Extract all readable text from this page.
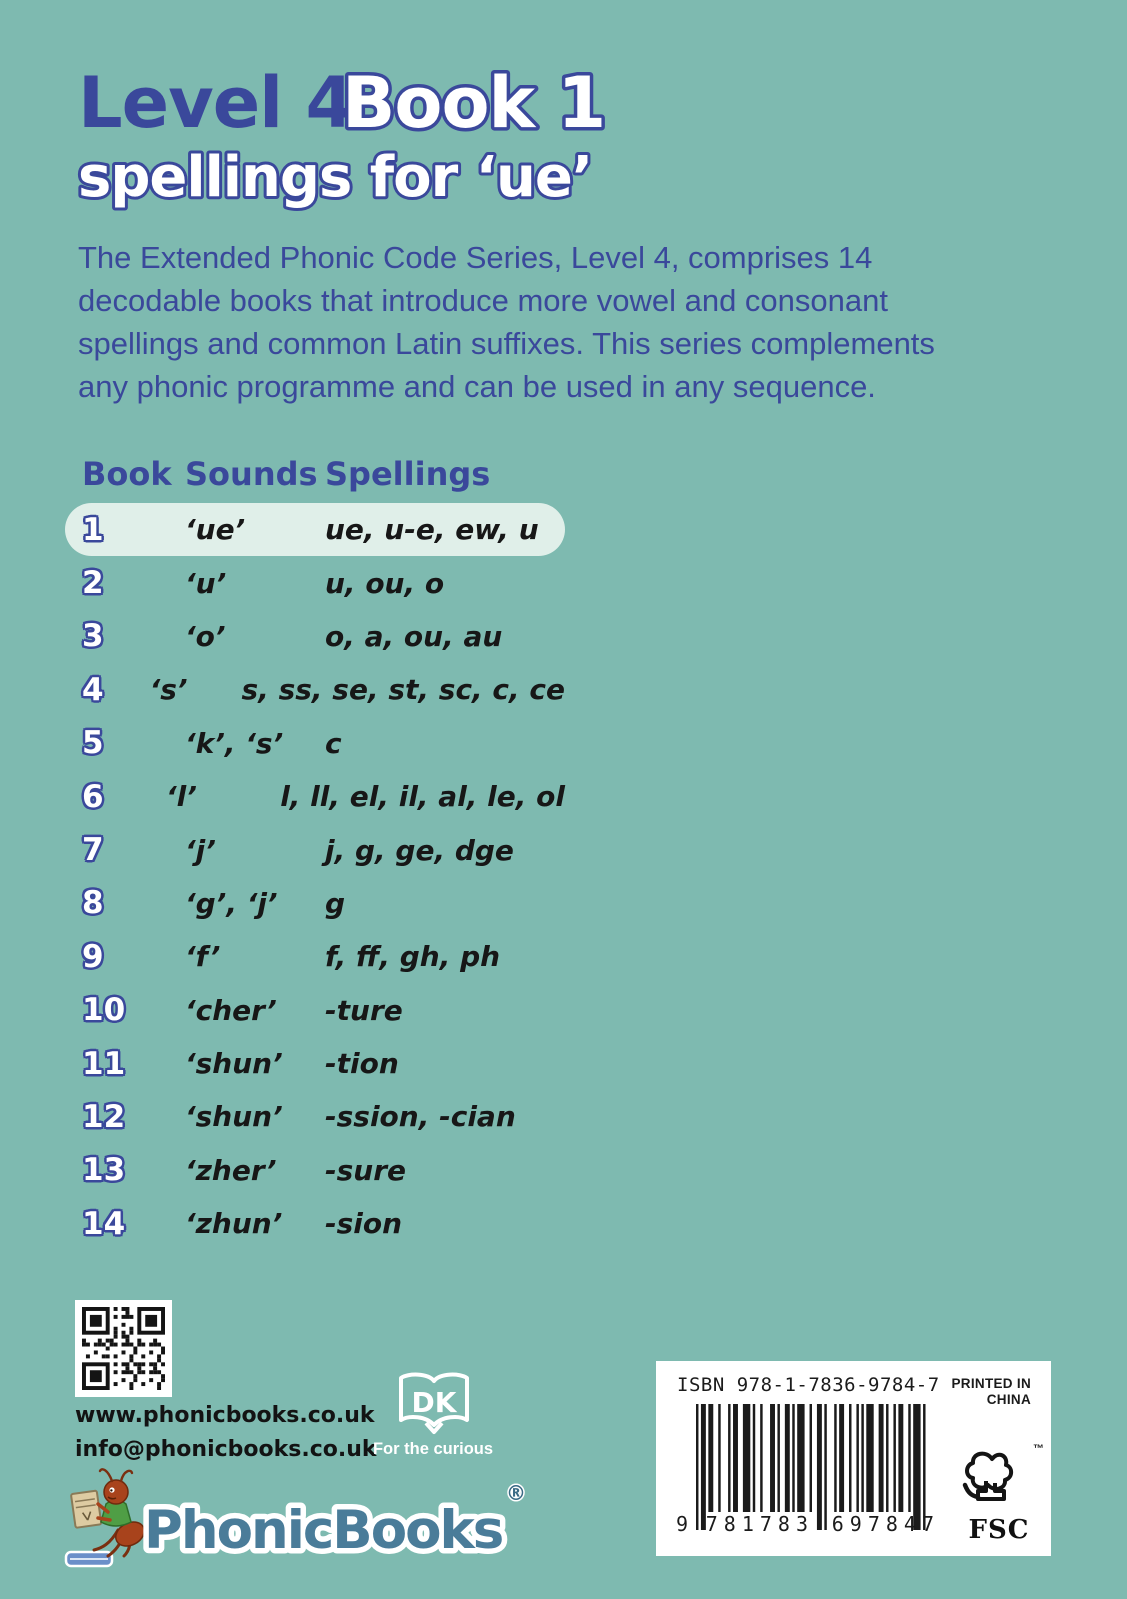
Level 4
Book 1
spellings for ‘ue’
The Extended Phonic Code Series, Level 4, comprises 14
decodable books that introduce more vowel and consonant
spellings and common Latin suffixes. This series complements
any phonic programme and can be used in any sequence.
Book Sounds Spellings
1	‘ue’	ue, u-e, ew, u
2	‘u’	u, ou, o
3	‘o’	o, a, ou, au
4	‘s’	s, ss, se, st, sc, c, ce
5	‘k’, ‘s’	c
6	‘l’	l, ll, el, il, al, le, ol
7	‘j’	j, g, ge, dge
8	‘g’, ‘j’	g
9	‘f’	f, ff, gh, ph
10	‘cher’	-ture
11	‘shun’	-tion
12	‘shun’	-ssion, -cian
13	‘zher’	-sure
14	‘zhun’	-sion
www.phonicbooks.co.uk
info@phonicbooks.co.uk
DK
For the curious
PhonicBooks
®
ISBN 978-1-7836-9784-7 PRINTED IN
CHINA
9 781783 697847
™
FSC
